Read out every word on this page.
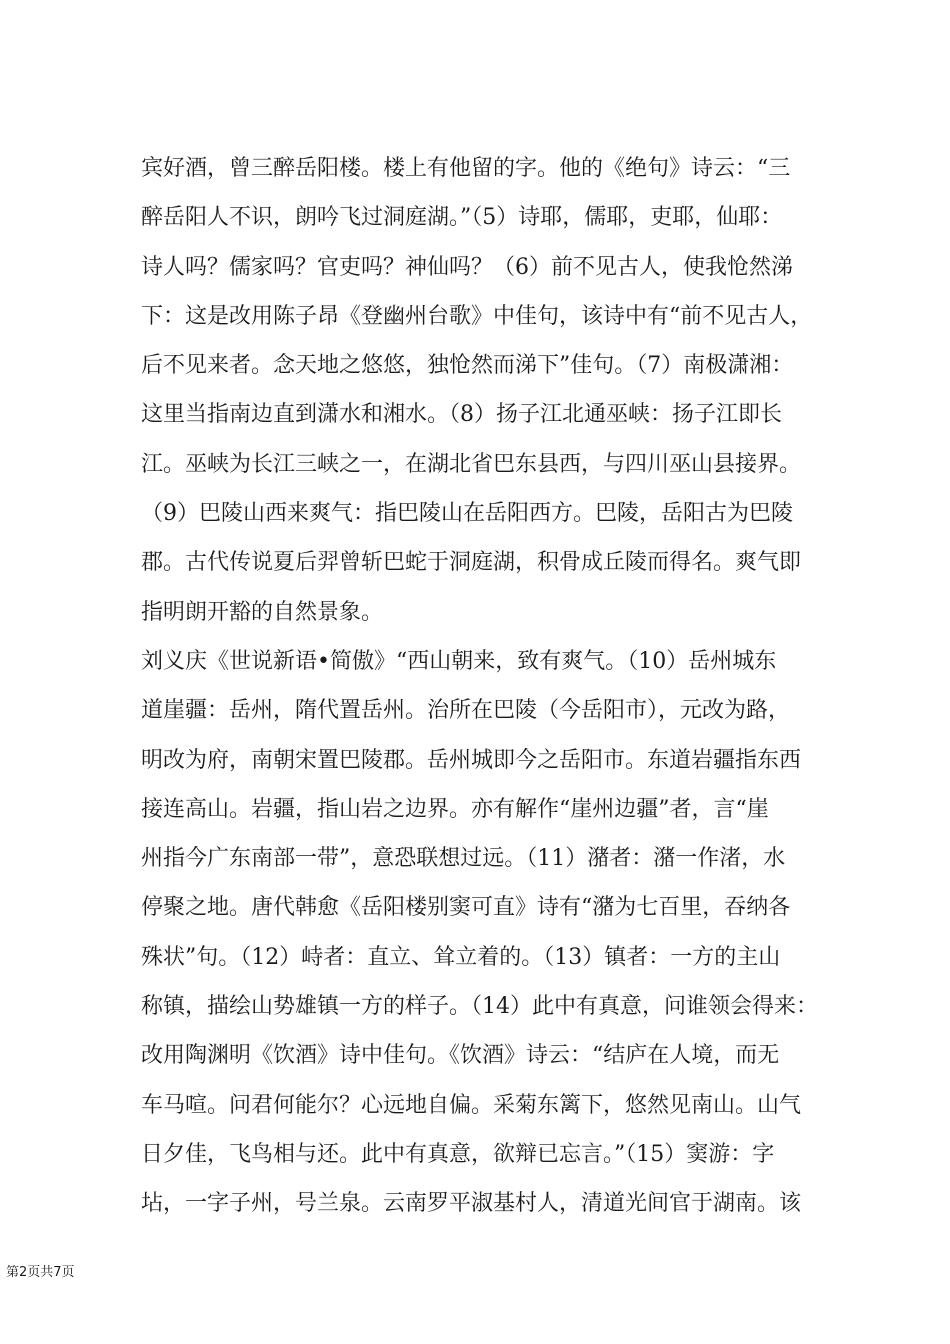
宾好酒，曾三醉岳阳楼。楼上有他留的字。他的《绝句》诗云：“三
醉岳阳人不识，朗吟飞过洞庭湖。”（5）诗耶，儒耶，吏耶，仙耶：
诗人吗？儒家吗？官吏吗？神仙吗？（6）前不见古人，使我怆然涕
下：这是改用陈子昂《登幽州台歌》中佳句，该诗中有“前不见古人，
后不见来者。念天地之悠悠，独怆然而涕下”佳句。（7）南极潇湘：
这里当指南边直到潇水和湘水。（8）扬子江北通巫峡：扬子江即长
江。巫峡为长江三峡之一，在湖北省巴东县西，与四川巫山县接界。
（9）巴陵山西来爽气：指巴陵山在岳阳西方。巴陵，岳阳古为巴陵
郡。古代传说夏后羿曾斩巴蛇于洞庭湖，积骨成丘陵而得名。爽气即
指明朗开豁的自然景象。
刘义庆《世说新语•简傲》“西山朝来，致有爽气。（10）岳州城东
道崖疆：岳州，隋代置岳州。治所在巴陵（今岳阳市），元改为路，
明改为府，南朝宋置巴陵郡。岳州城即今之岳阳市。东道岩疆指东西
接连高山。岩疆，指山岩之边界。亦有解作“崖州边疆”者，言“崖
州指今广东南部一带”，意恐联想过远。（11）潴者：潴一作渚，水
停聚之地。唐代韩愈《岳阳楼别窦可直》诗有“潴为七百里，吞纳各
殊状”句。（12）峙者：直立、耸立着的。（13）镇者：一方的主山
称镇，描绘山势雄镇一方的样子。（14）此中有真意，问谁领会得来：
改用陶渊明《饮酒》诗中佳句。《饮酒》诗云：“结庐在人境，而无
车马喧。问君何能尔？心远地自偏。采菊东篱下，悠然见南山。山气
日夕佳，飞鸟相与还。此中有真意，欲辩已忘言。”（15）窦游：字
坫，一字子州，号兰泉。云南罗平淑基村人，清道光间官于湖南。该
第2页共7页
